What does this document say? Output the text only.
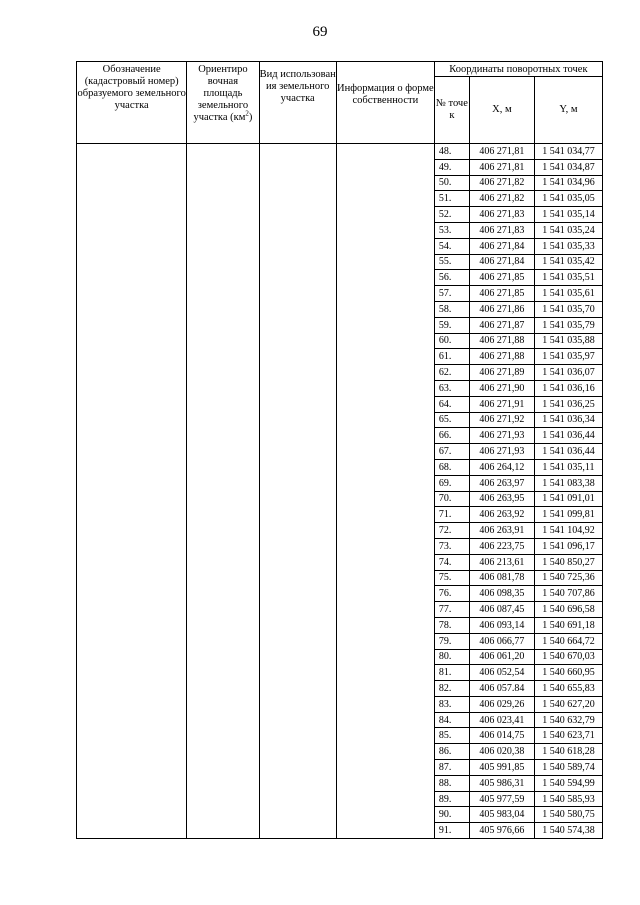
69
Обозначение (кадастровый номер) образуемого земельного участка	Ориентиро вочная площадь земельного участка $(км^2)$	Вид использован ия земельного участка	Информация о форме собственности	Координаты поворотных точек		
				№ точе к	X, м	Y, м
				48.	406 271,81	1 541 034,77
				49.	406 271,81	1 541 034,87
				50.	406 271,82	1 541 034,96
				51.	406 271,82	1 541 035,05
				52.	406 271,83	1 541 035,14
				53.	406 271,83	1 541 035,24
				54.	406 271,84	1 541 035,33
				55.	406 271,84	1 541 035,42
				56.	406 271,85	1 541 035,51
				57.	406 271,85	1 541 035,61
				58.	406 271,86	1 541 035,70
				59.	406 271,87	1 541 035,79
				60.	406 271,88	1 541 035,88
				61.	406 271,88	1 541 035,97
				62.	406 271,89	1 541 036,07
				63.	406 271,90	1 541 036,16
				64.	406 271,91	1 541 036,25
				65.	406 271,92	1 541 036,34
				66.	406 271,93	1 541 036,44
				67.	406 271,93	1 541 036,44
				68.	406 264,12	1 541 035,11
				69.	406 263,97	1 541 083,38
				70.	406 263,95	1 541 091,01
				71.	406 263,92	1 541 099,81
				72.	406 263,91	1 541 104,92
				73.	406 223,75	1 541 096,17
				74.	406 213,61	1 540 850,27
				75.	406 081,78	1 540 725,36
				76.	406 098,35	1 540 707,86
				77.	406 087,45	1 540 696,58
				78.	406 093,14	1 540 691,18
				79.	406 066,77	1 540 664,72
				80.	406 061,20	1 540 670,03
				81.	406 052,54	1 540 660,95
				82.	406 057.84	1 540 655,83
				83.	406 029,26	1 540 627,20
				84.	406 023,41	1 540 632,79
				85.	406 014,75	1 540 623,71
				86.	406 020,38	1 540 618,28
				87.	405 991,85	1 540 589,74
				88.	405 986,31	1 540 594,99
				89.	405 977,59	1 540 585,93
				90.	405 983,04	1 540 580,75
				91.	405 976,66	1 540 574,38
